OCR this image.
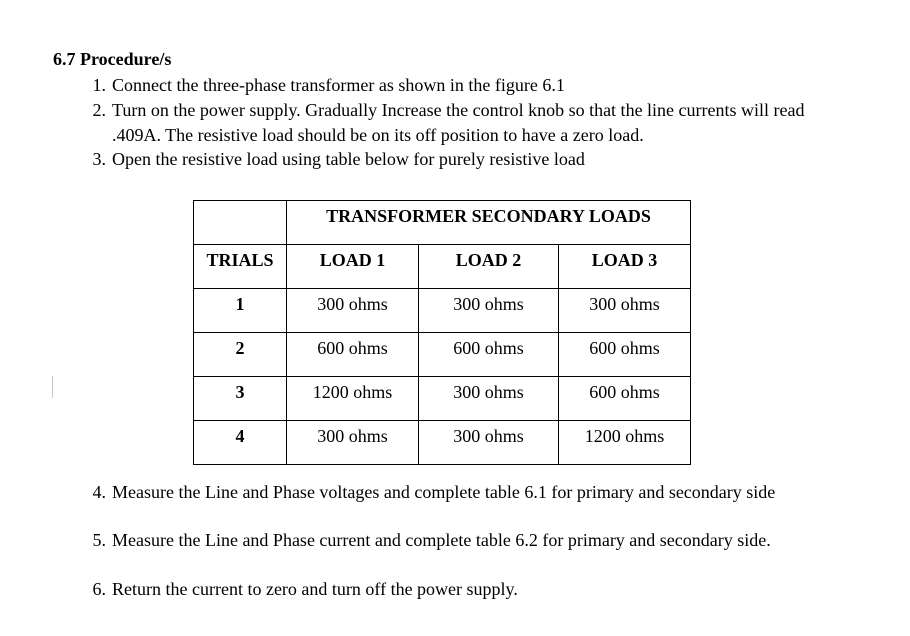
6.7 Procedure/s
1. Connect the three-phase transformer as shown in the figure 6.1
2. Turn on the power supply. Gradually Increase the control knob so that the line currents will read .409A. The resistive load should be on its off position to have a zero load.
3. Open the resistive load using table below for purely resistive load

	TRANSFORMER SECONDARY LOADS		

TRIALS	LOAD 1	LOAD 2	LOAD 3

1	300 ohms	300 ohms	300 ohms

2	600 ohms	600 ohms	600 ohms

3	1200 ohms	300 ohms	600 ohms

4	300 ohms	300 ohms	1200 ohms
4. Measure the Line and Phase voltages and complete table 6.1 for primary and secondary side
5. Measure the Line and Phase current and complete table 6.2 for primary and secondary side.
6. Return the current to zero and turn off the power supply.
